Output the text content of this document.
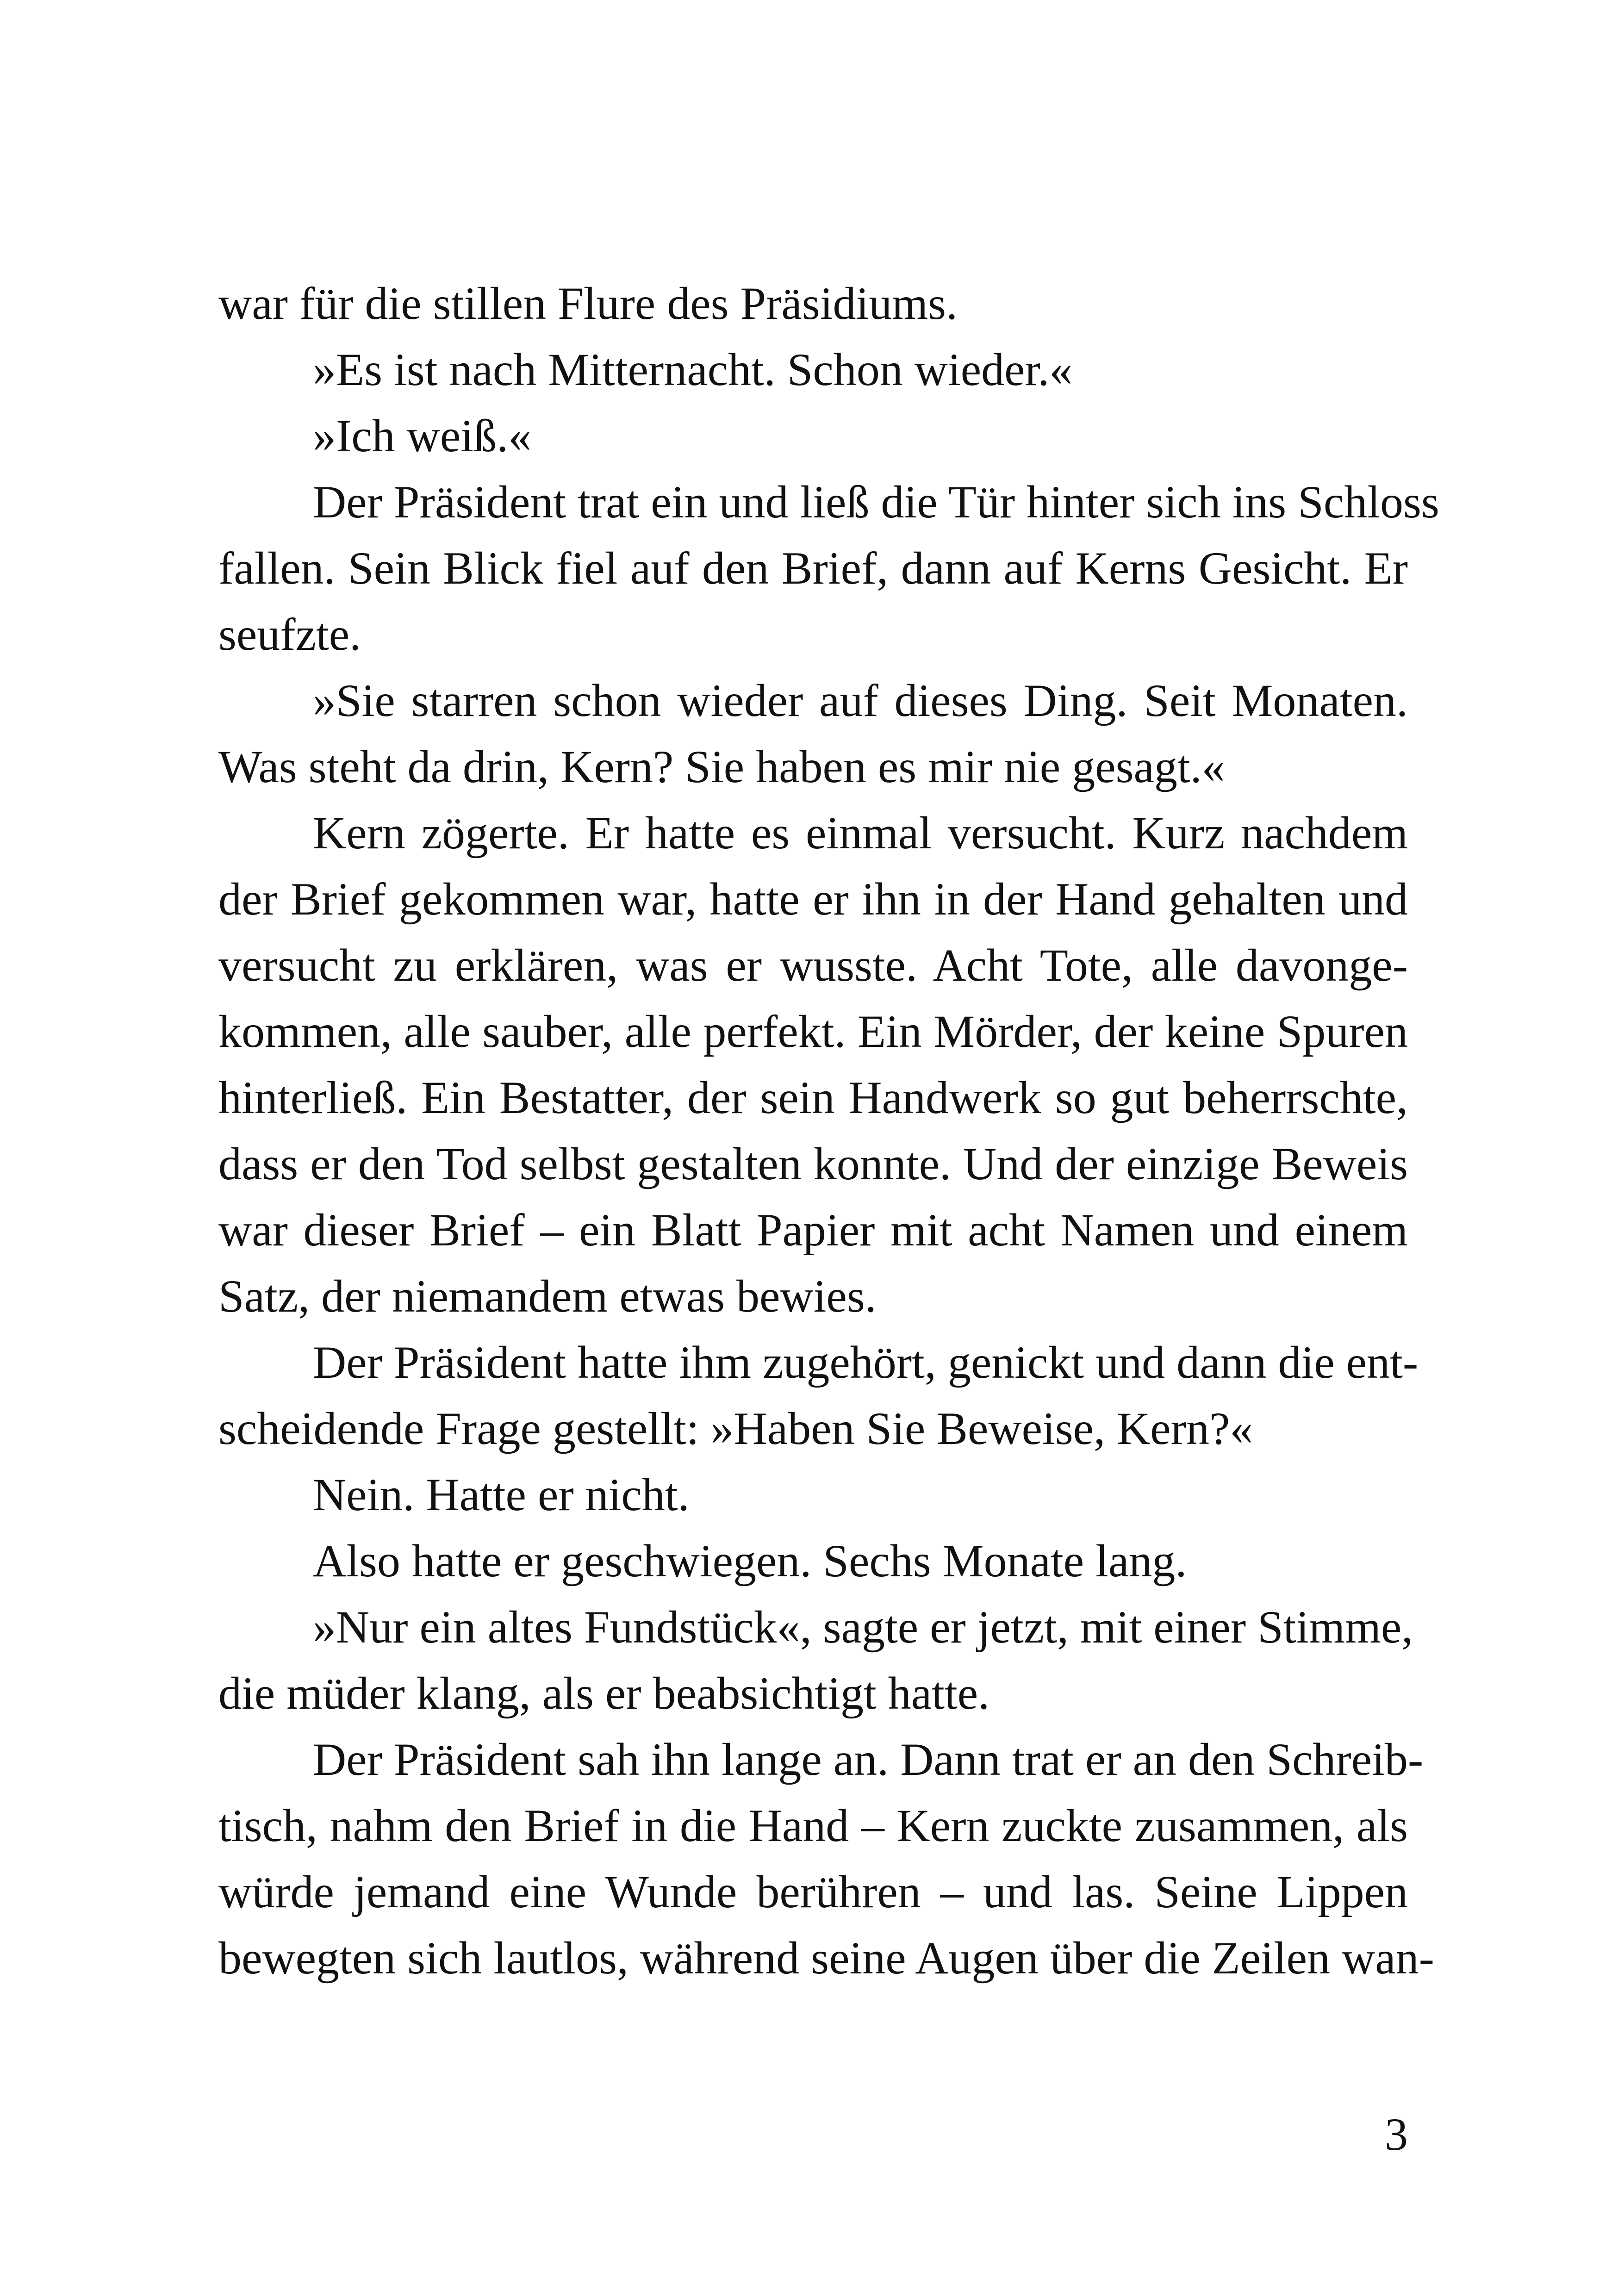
war für die stillen Flure des Präsidiums.
»Es ist nach Mitternacht. Schon wieder.«
»Ich weiß.«
Der Präsident trat ein und ließ die Tür hinter sich ins Schloss
fallen. Sein Blick fiel auf den Brief, dann auf Kerns Gesicht. Er
seufzte.
»Sie starren schon wieder auf dieses Ding. Seit Monaten.
Was steht da drin, Kern? Sie haben es mir nie gesagt.«
Kern zögerte. Er hatte es einmal versucht. Kurz nachdem
der Brief gekommen war, hatte er ihn in der Hand gehalten und
versucht zu erklären, was er wusste. Acht Tote, alle davonge-
kommen, alle sauber, alle perfekt. Ein Mörder, der keine Spuren
hinterließ. Ein Bestatter, der sein Handwerk so gut beherrschte,
dass er den Tod selbst gestalten konnte. Und der einzige Beweis
war dieser Brief – ein Blatt Papier mit acht Namen und einem
Satz, der niemandem etwas bewies.
Der Präsident hatte ihm zugehört, genickt und dann die ent-
scheidende Frage gestellt: »Haben Sie Beweise, Kern?«
Nein. Hatte er nicht.
Also hatte er geschwiegen. Sechs Monate lang.
»Nur ein altes Fundstück«, sagte er jetzt, mit einer Stimme,
die müder klang, als er beabsichtigt hatte.
Der Präsident sah ihn lange an. Dann trat er an den Schreib-
tisch, nahm den Brief in die Hand – Kern zuckte zusammen, als
würde jemand eine Wunde berühren – und las. Seine Lippen
bewegten sich lautlos, während seine Augen über die Zeilen wan-
3
